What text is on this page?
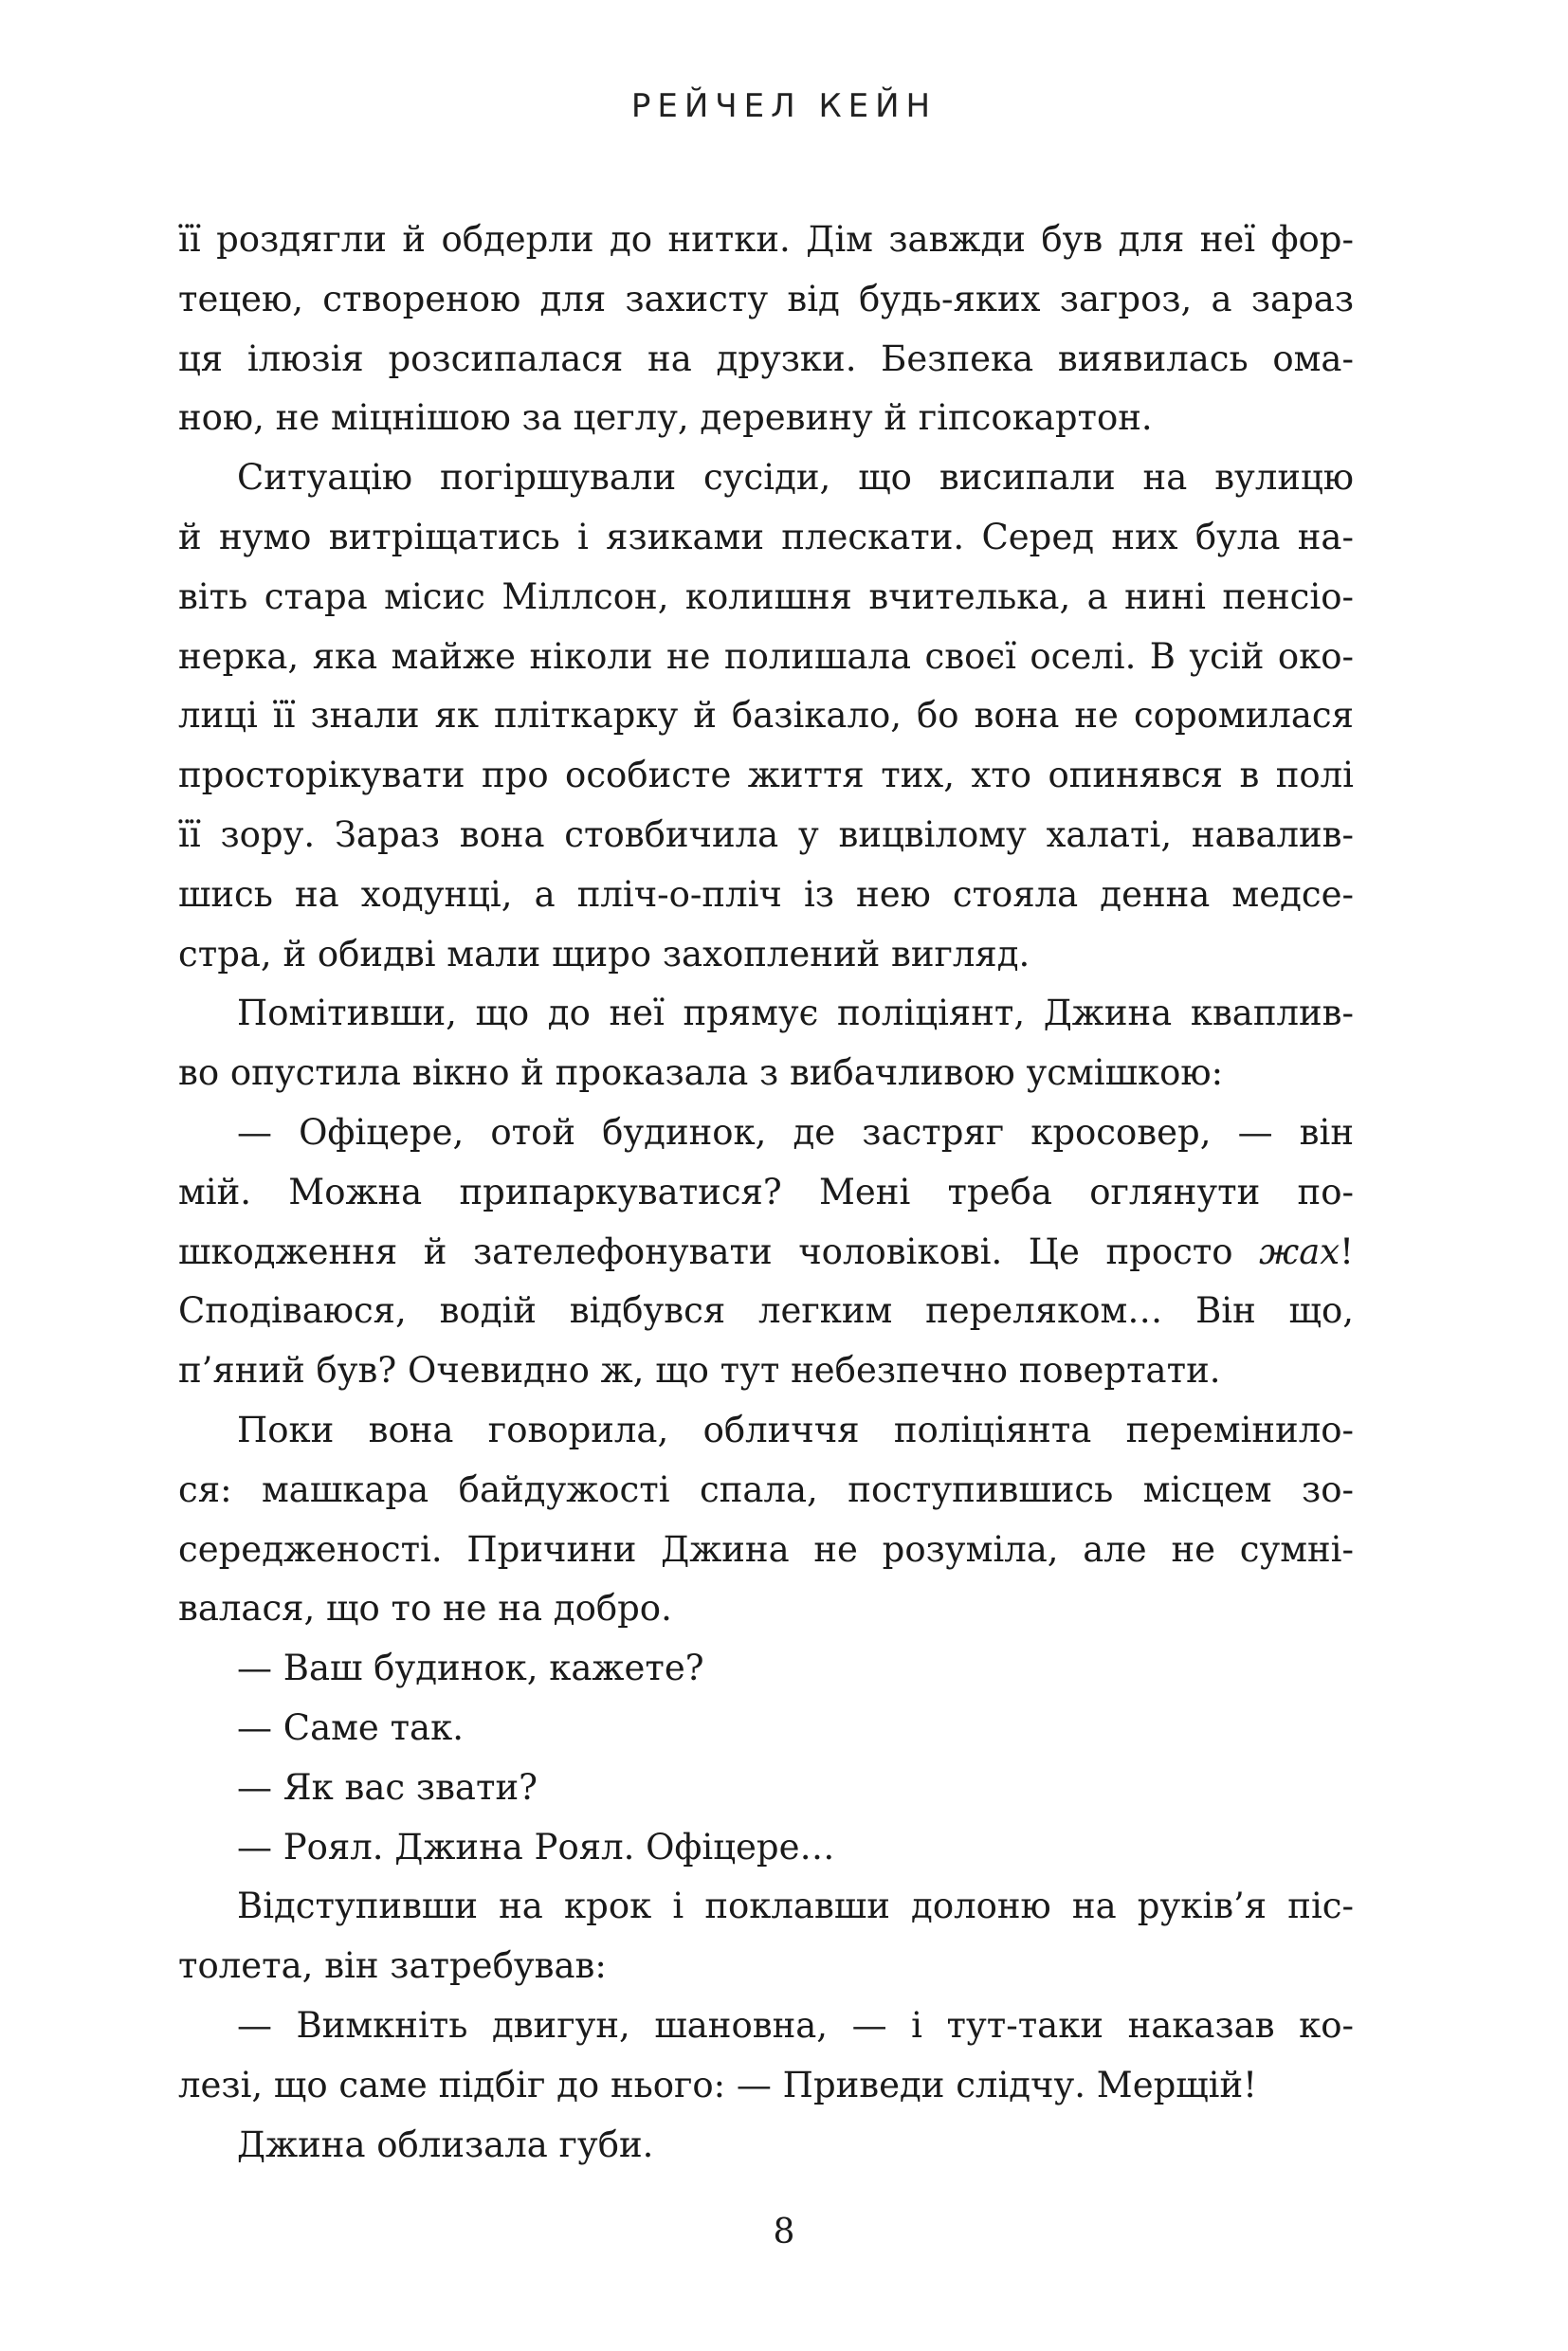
РЕЙЧЕЛ КЕЙН
її роздягли й обдерли до нитки. Дім завжди був для неї фор-
тецею, створеною для захисту від будь-яких загроз, а зараз
ця ілюзія розсипалася на друзки. Безпека виявилась ома-
ною, не міцнішою за цеглу, деревину й гіпсокартон.
Ситуацію погіршували сусіди, що висипали на вулицю
й нумо витріщатись і язиками плескати. Серед них була на-
віть стара місис Міллсон, колишня вчителька, а нині пенсіо-
нерка, яка майже ніколи не полишала своєї оселі. В усій око-
лиці її знали як пліткарку й базікало, бо вона не соромилася
просторікувати про особисте життя тих, хто опинявся в полі
її зору. Зараз вона стовбичила у вицвілому халаті, навалив-
шись на ходунці, а пліч-о-пліч із нею стояла денна медсе-
стра, й обидві мали щиро захоплений вигляд.
Помітивши, що до неї прямує поліціянт, Джина кваплив-
во опустила вікно й проказала з вибачливою усмішкою:
— Офіцере, отой будинок, де застряг кросовер, — він
мій. Можна припаркуватися? Мені треба оглянути по-
шкодження й зателефонувати чоловікові. Це просто жах!
Сподіваюся, водій відбувся легким переляком… Він що,
п’яний був? Очевидно ж, що тут небезпечно повертати.
Поки вона говорила, обличчя поліціянта перемінило-
ся: машкара байдужості спала, поступившись місцем зо-
середженості. Причини Джина не розуміла, але не сумні-
валася, що то не на добро.
— Ваш будинок, кажете?
— Саме так.
— Як вас звати?
— Роял. Джина Роял. Офіцере…
Відступивши на крок і поклавши долоню на руків’я піс-
толета, він затребував:
— Вимкніть двигун, шановна, — і тут-таки наказав ко-
лезі, що саме підбіг до нього: — Приведи слідчу. Мерщій!
Джина облизала губи.
8
